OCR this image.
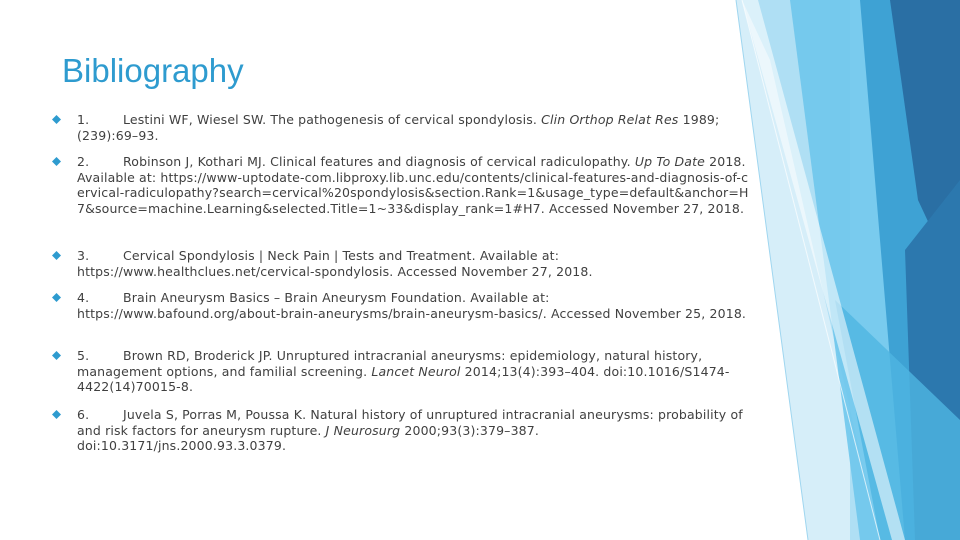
Bibliography
1.	Lestini WF, Wiesel SW. The pathogenesis of cervical spondylosis. Clin Orthop Relat Res 1989;(239):69–93.
2.	Robinson J, Kothari MJ. Clinical features and diagnosis of cervical radiculopathy. Up To Date 2018. Available at: https://www-uptodate-com.libproxy.lib.unc.edu/contents/clinical-features-and-diagnosis-of-cervical-radiculopathy?search=cervical%20spondylosis&section.Rank=1&usage_type=default&anchor=H7&source=machine.Learning&selected.Title=1~33&display_rank=1#H7. Accessed November 27, 2018.
3.	Cervical Spondylosis | Neck Pain | Tests and Treatment. Available at: https://www.healthclues.net/cervical-spondylosis. Accessed November 27, 2018.
4.	Brain Aneurysm Basics – Brain Aneurysm Foundation. Available at: https://www.bafound.org/about-brain-aneurysms/brain-aneurysm-basics/. Accessed November 25, 2018.
5.	Brown RD, Broderick JP. Unruptured intracranial aneurysms: epidemiology, natural history, management options, and familial screening. Lancet Neurol 2014;13(4):393–404. doi:10.1016/S1474-4422(14)70015-8.
6.	Juvela S, Porras M, Poussa K. Natural history of unruptured intracranial aneurysms: probability of and risk factors for aneurysm rupture. J Neurosurg 2000;93(3):379–387. doi:10.3171/jns.2000.93.3.0379.
